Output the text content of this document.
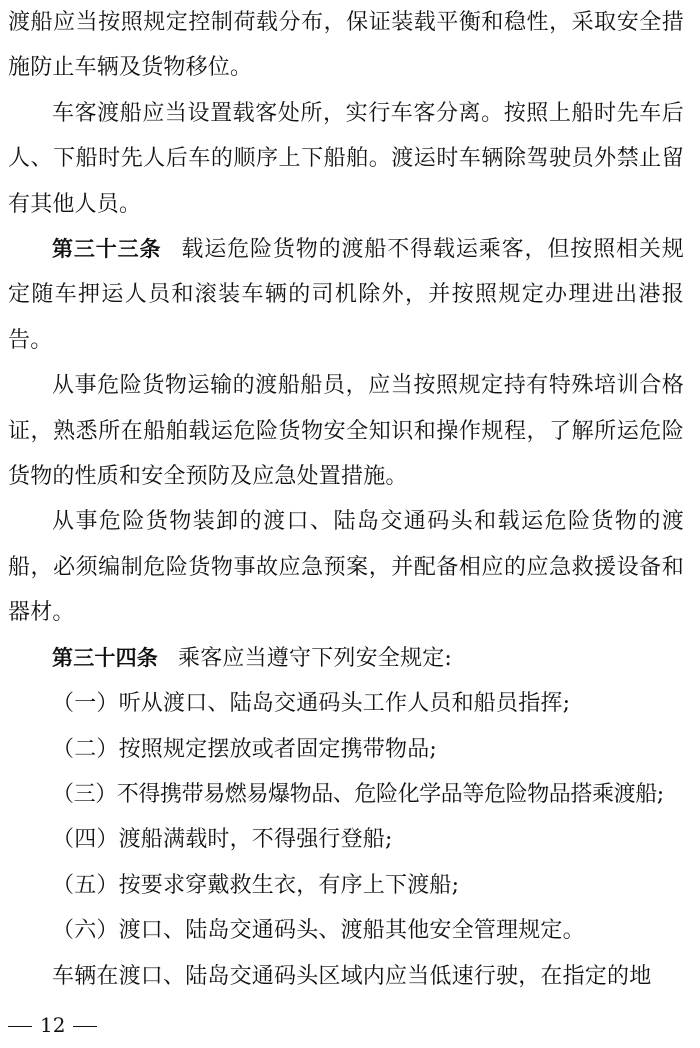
渡船应当按照规定控制荷载分布，保证装载平衡和稳性，采取安全措施防止车辆及货物移位。

车客渡船应当设置载客处所，实行车客分离。按照上船时先车后人、下船时先人后车的顺序上下船舶。渡运时车辆除驾驶员外禁止留有其他人员。

第三十三条 载运危险货物的渡船不得载运乘客，但按照相关规定随车押运人员和滚装车辆的司机除外，并按照规定办理进出港报告。

从事危险货物运输的渡船船员，应当按照规定持有特殊培训合格证，熟悉所在船舶载运危险货物安全知识和操作规程，了解所运危险货物的性质和安全预防及应急处置措施。

从事危险货物装卸的渡口、陆岛交通码头和载运危险货物的渡船，必须编制危险货物事故应急预案，并配备相应的应急救援设备和器材。

第三十四条 乘客应当遵守下列安全规定:

（一）听从渡口、陆岛交通码头工作人员和船员指挥;

（二）按照规定摆放或者固定携带物品;

（三）不得携带易燃易爆物品、危险化学品等危险物品搭乘渡船;

（四）渡船满载时，不得强行登船;

（五）按要求穿戴救生衣，有序上下渡船;

（六）渡口、陆岛交通码头、渡船其他安全管理规定。

车辆在渡口、陆岛交通码头区域内应当低速行驶，在指定的地

12
